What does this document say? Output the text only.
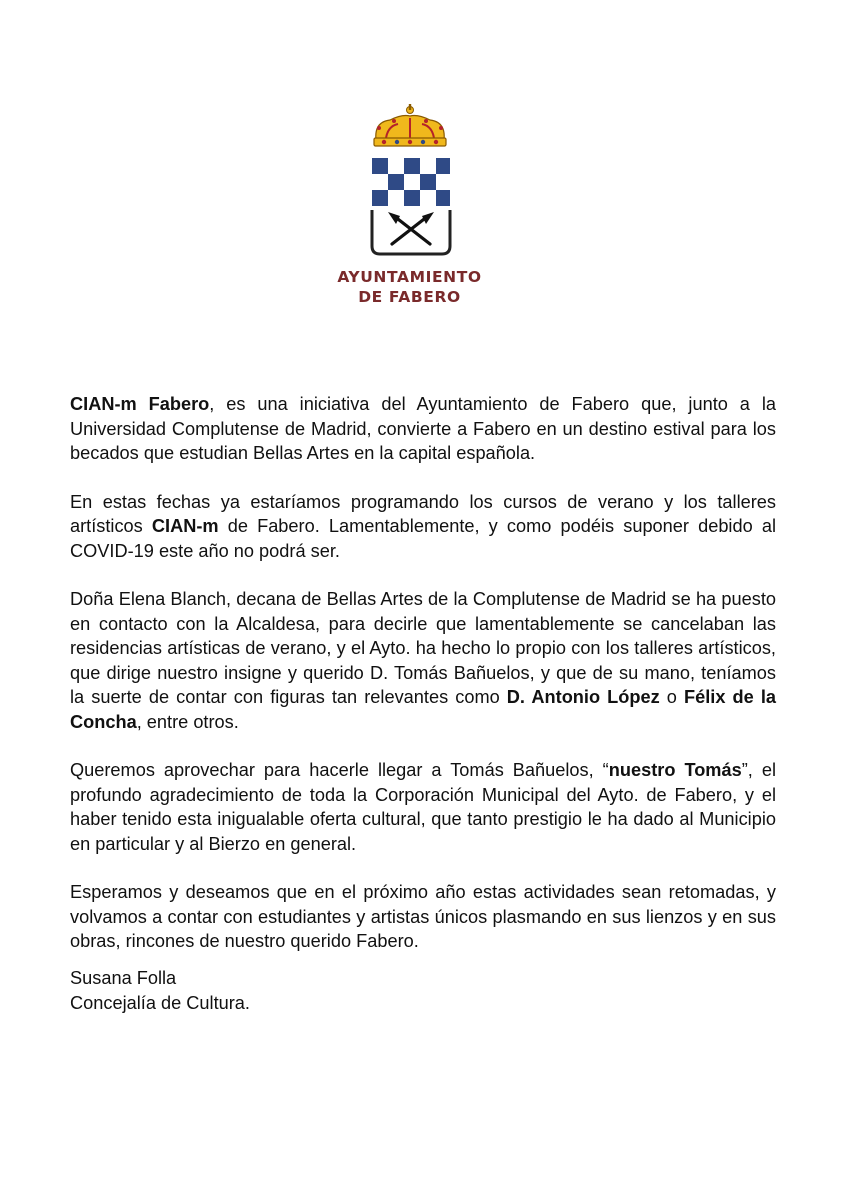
AYUNTAMIENTO
DE FABERO

CIAN-m Fabero, es una iniciativa del Ayuntamiento de Fabero que, junto a la Universidad Complutense de Madrid, convierte a Fabero en un destino estival para los becados que estudian Bellas Artes en la capital española.

En estas fechas ya estaríamos programando los cursos de verano y los talleres artísticos CIAN-m de Fabero. Lamentablemente, y como podéis suponer debido al COVID-19 este año no podrá ser.

Doña Elena Blanch, decana de Bellas Artes de la Complutense de Madrid se ha puesto en contacto con la Alcaldesa, para decirle que lamentablemente se cancelaban las residencias artísticas de verano, y el Ayto. ha hecho lo propio con los talleres artísticos, que dirige nuestro insigne y querido D. Tomás Bañuelos, y que de su mano, teníamos la suerte de contar con figuras tan relevantes como D. Antonio López o Félix de la Concha, entre otros.

Queremos aprovechar para hacerle llegar a Tomás Bañuelos, “nuestro Tomás”, el profundo agradecimiento de toda la Corporación Municipal del Ayto. de Fabero, y el haber tenido esta inigualable oferta cultural, que tanto prestigio le ha dado al Municipio en particular y al Bierzo en general.

Esperamos y deseamos que en el próximo año estas actividades sean retomadas, y volvamos a contar con estudiantes y artistas únicos plasmando en sus lienzos y en sus obras, rincones de nuestro querido Fabero.

Susana Folla
Concejalía de Cultura.
